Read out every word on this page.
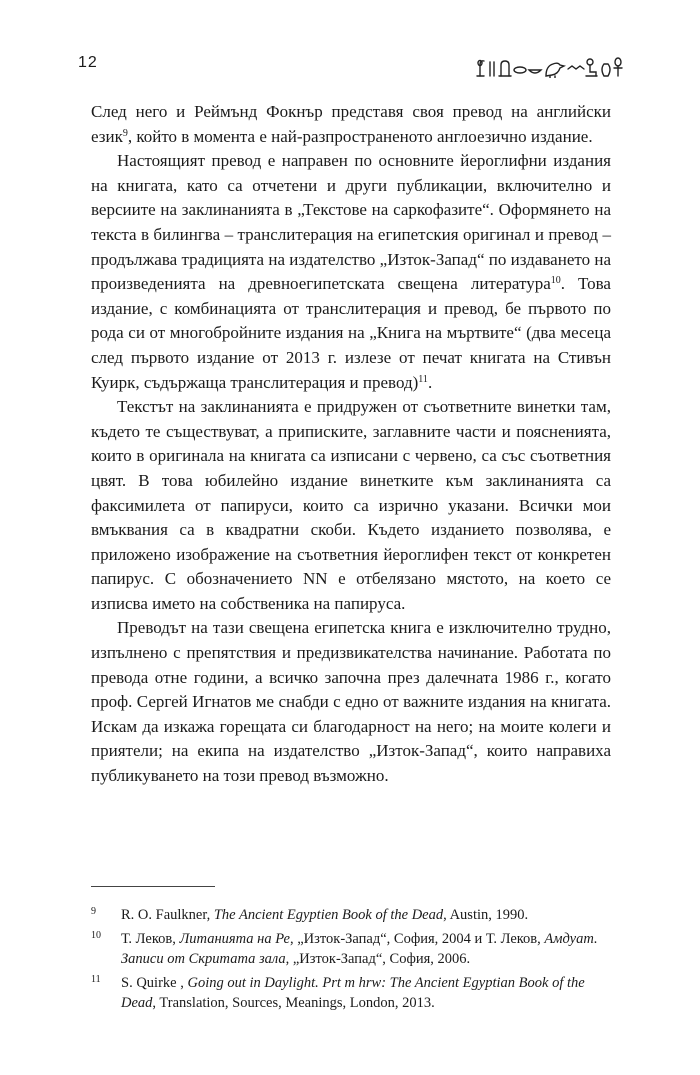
12

След него и Реймънд Фокнър представя своя превод на английски език$^9$, който в момента е най-разпространеното англоезично издание.

Настоящият превод е направен по основните йероглифни издания на книгата, като са отчетени и други публикации, включително и версиите на заклинанията в „Текстове на саркофазите“. Оформянето на текста в билингва – транслитерация на египетския оригинал и превод – продължава традицията на издателство „Изток-Запад“ по издаването на произведенията на древноегипетската свещена литература$^{10}$. Това издание, с комбинацията от транслитерация и превод, бе първото по рода си от многобройните издания на „Книга на мъртвите“ (два месеца след първото издание от 2013 г. излезе от печат книгата на Стивън Куирк, съдържаща транслитерация и превод)$^{11}$.

Текстът на заклинанията е придружен от съответните винетки там, където те съществуват, а приписките, заглавните части и поясненията, които в оригинала на книгата са изписани с червено, са със съответния цвят. В това юбилейно издание винетките към заклинанията са факсимилета от папируси, които са изрично указани. Всички мои вмъквания са в квадратни скоби. Където изданието позволява, е приложено изображение на съответния йероглифен текст от конкретен папирус. С обозначението NN е отбелязано мястото, на което се изписва името на собственика на папируса.

Преводът на тази свещена египетска книга е изключително трудно, изпълнено с препятствия и предизвикателства начинание. Работата по превода отне години, а всичко започна през далечната 1986 г., когато проф. Сергей Игнатов ме снабди с едно от важните издания на книгата. Искам да изкажа горещата си благодарност на него; на моите колеги и приятели; на екипа на издателство „Изток-Запад“, които направиха публикуването на този превод възможно.

9 R. O. Faulkner, The Ancient Egyptien Book of the Dead, Austin, 1990.
10 Т. Леков, Литанията на Ре, „Изток-Запад“, София, 2004 и Т. Леков, Амдуат. Записи от Скритата зала, „Изток-Запад“, София, 2006.
11 S. Quirke , Going out in Daylight. Prt m hrw: The Ancient Egyptian Book of the Dead, Translation, Sources, Meanings, London, 2013.
